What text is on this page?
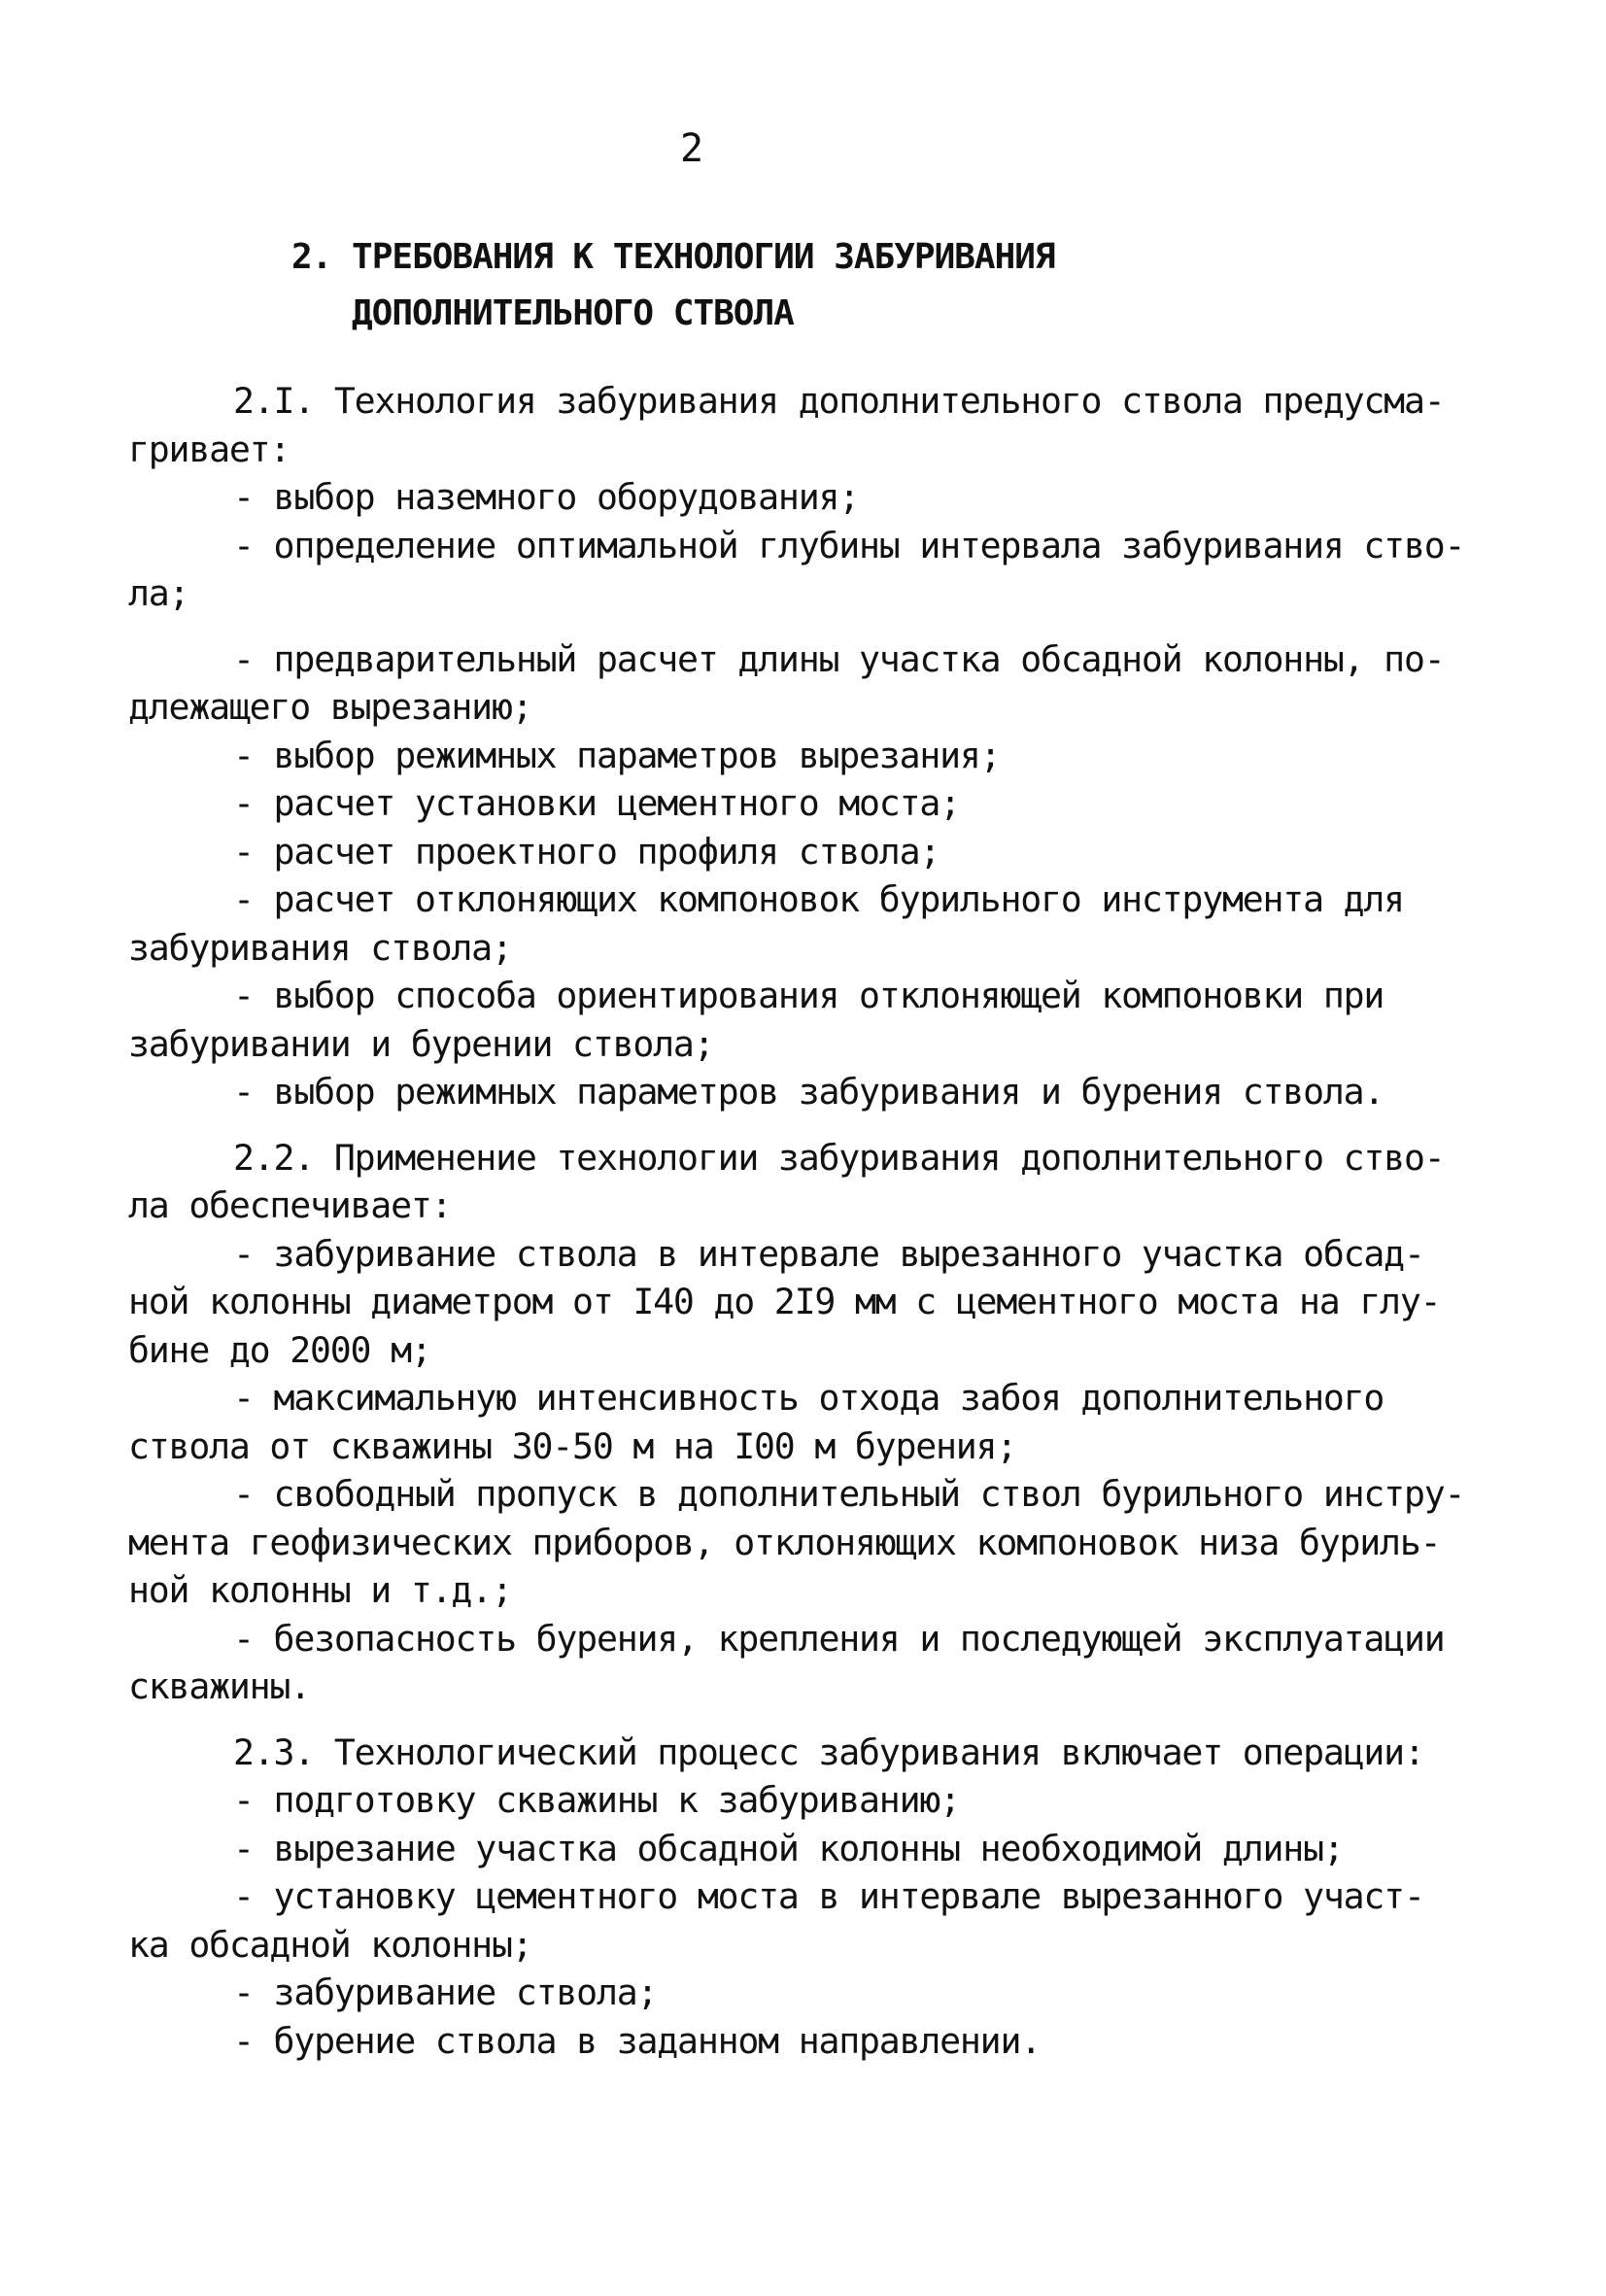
2
2. ТРЕБОВАНИЯ К ТЕХНОЛОГИИ ЗАБУРИВАНИЯ
ДОПОЛНИТЕЛЬНОГО СТВОЛА
2.I. Технология забуривания дополнительного ствола предусма-
гривает:
- выбор наземного оборудования;
- определение оптимальной глубины интервала забуривания ство-
ла;
- предварительный расчет длины участка обсадной колонны, по-
длежащего вырезанию;
- выбор режимных параметров вырезания;
- расчет установки цементного моста;
- расчет проектного профиля ствола;
- расчет отклоняющих компоновок бурильного инструмента для
забуривания ствола;
- выбор способа ориентирования отклоняющей компоновки при
забуривании и бурении ствола;
- выбор режимных параметров забуривания и бурения ствола.
2.2. Применение технологии забуривания дополнительного ство-
ла обеспечивает:
- забуривание ствола в интервале вырезанного участка обсад-
ной колонны диаметром от I40 до 2I9 мм с цементного моста на глу-
бине до 2000 м;
- максимальную интенсивность отхода забоя дополнительного
ствола от скважины 30-50 м на I00 м бурения;
- свободный пропуск в дополнительный ствол бурильного инстру-
мента геофизических приборов, отклоняющих компоновок низа буриль-
ной колонны и т.д.;
- безопасность бурения, крепления и последующей эксплуатации
скважины.
2.3. Технологический процесс забуривания включает операции:
- подготовку скважины к забуриванию;
- вырезание участка обсадной колонны необходимой длины;
- установку цементного моста в интервале вырезанного участ-
ка обсадной колонны;
- забуривание ствола;
- бурение ствола в заданном направлении.
